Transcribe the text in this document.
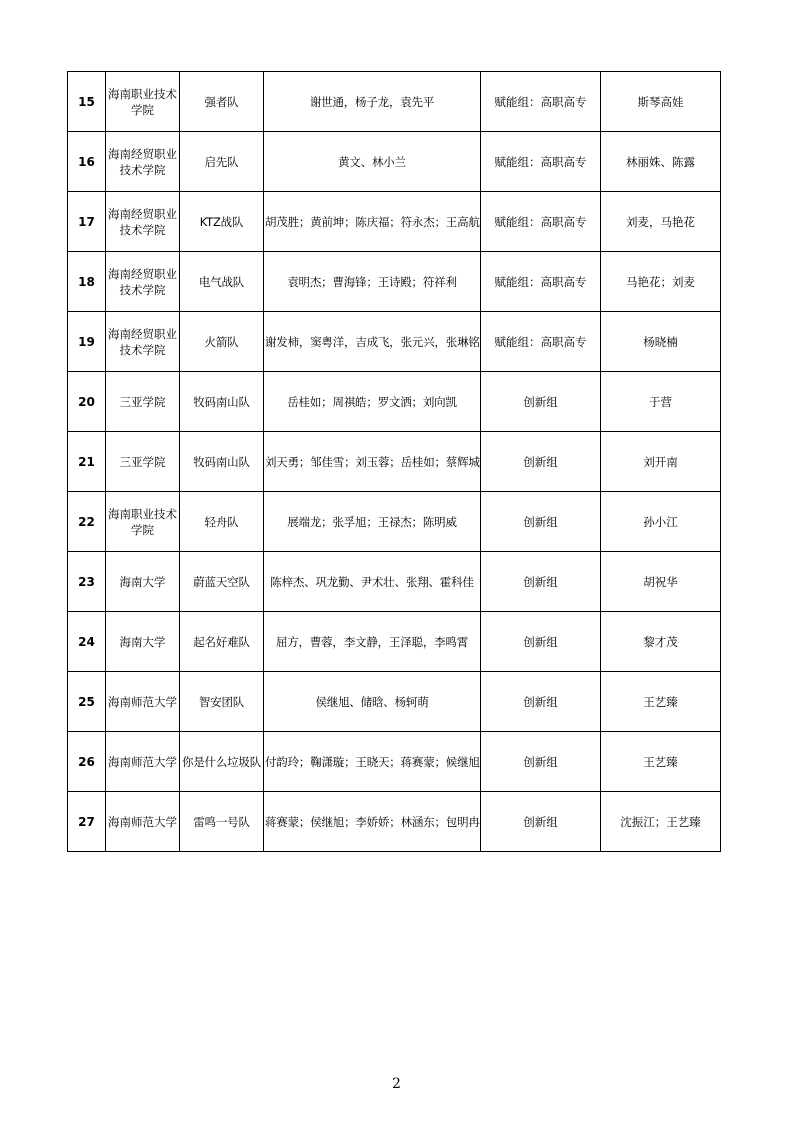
15	海南职业技术学院	强者队	谢世通，杨子龙，袁先平	赋能组：高职高专	斯琴高娃
16	海南经贸职业技术学院	启先队	黄文、林小兰	赋能组：高职高专	林丽姝、陈露
17	海南经贸职业技术学院	KTZ战队	胡茂胜；黄前坤；陈庆福；符永杰；王高航	赋能组：高职高专	刘麦，马艳花
18	海南经贸职业技术学院	电气战队	袁明杰；曹海锋；王诗殿；符祥利	赋能组：高职高专	马艳花；刘麦
19	海南经贸职业技术学院	火箭队	谢发柿，窦粤洋，吉成飞，张元兴，张琳铭	赋能组：高职高专	杨晓楠
20	三亚学院	牧码南山队	岳桂如；周祺皓；罗文洒；刘向凯	创新组	于营
21	三亚学院	牧码南山队	刘天勇；邹佳雪；刘玉蓉；岳桂如；蔡辉城	创新组	刘开南
22	海南职业技术学院	轻舟队	展端龙；张孚旭；王禄杰；陈明威	创新组	孙小江
23	海南大学	蔚蓝天空队	陈梓杰、巩龙勤、尹术壮、张翔、霍科佳	创新组	胡祝华
24	海南大学	起名好难队	屈方，曹蓉，李文静，王泽聪，李鸣霄	创新组	黎才茂
25	海南师范大学	智安团队	侯继旭、储晗、杨轲萌	创新组	王艺臻
26	海南师范大学	你是什么垃圾队	付韵玲；鞠潇璇；王晓天；蒋赛蒙；候继旭	创新组	王艺臻
27	海南师范大学	雷鸣一号队	蒋赛蒙；侯继旭；李娇娇；林涵东；包明冉	创新组	沈振江；王艺臻
2
